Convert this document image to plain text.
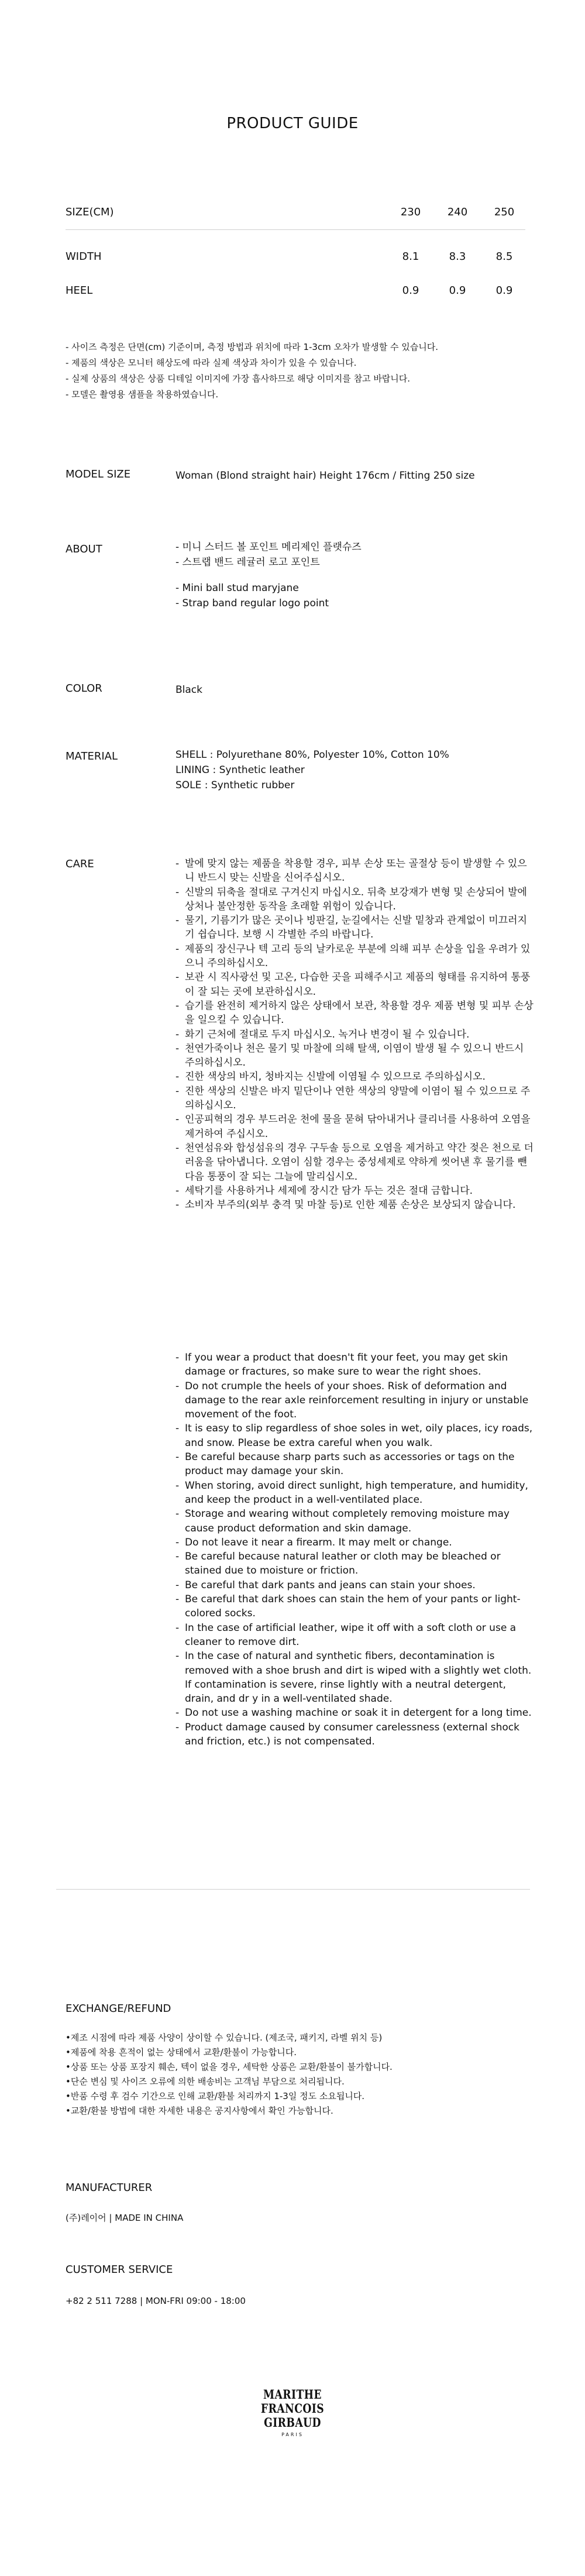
PRODUCT GUIDE
SIZE(CM)	230	240	250
WIDTH	8.1	8.3	8.5
HEEL	0.9	0.9	0.9
- 사이즈 측정은 단면(cm) 기준이며, 측정 방법과 위치에 따라 1-3cm 오차가 발생할 수 있습니다.
- 제품의 색상은 모니터 해상도에 따라 실제 색상과 차이가 있을 수 있습니다.
- 실제 상품의 색상은 상품 디테일 이미지에 가장 흡사하므로 해당 이미지를 참고 바랍니다.
- 모델은 촬영용 샘플을 착용하였습니다.
MODEL SIZE	Woman (Blond straight hair) Height 176cm / Fitting 250 size
ABOUT	- 미니 스터드 볼 포인트 메리제인 플랫슈즈
- 스트랩 밴드 레귤러 로고 포인트
- Mini ball stud maryjane
- Strap band regular logo point
COLOR	Black
MATERIAL	SHELL : Polyurethane 80%, Polyester 10%, Cotton 10%
LINING : Synthetic leather
SOLE : Synthetic rubber
CARE
-	발에 맞지 않는 제품을 착용할 경우, 피부 손상 또는 골절상 등이 발생할 수 있으니 반드시 맞는 신발을 신어주십시오.
- 신발의 뒤축을 절대로 구겨신지 마십시오. 뒤축 보강재가 변형 및 손상되어 발에 상처나 불안정한 동작을 초래할 위험이 있습니다.
- 물기, 기름기가 많은 곳이나 빙판길, 눈길에서는 신발 밑창과 관계없이 미끄러지기 쉽습니다. 보행 시 각별한 주의 바랍니다.
- 제품의 장신구나 텍 고리 등의 날카로운 부분에 의해 피부 손상을 입을 우려가 있으니 주의하십시오.
- 보관 시 직사광선 및 고온, 다습한 곳을 피해주시고 제품의 형태를 유지하여 통풍이 잘 되는 곳에 보관하십시오.
- 습기를 완전히 제거하지 않은 상태에서 보관, 착용할 경우 제품 변형 및 피부 손상을 일으킬 수 있습니다.
- 화기 근처에 절대로 두지 마십시오. 녹거나 변경이 될 수 있습니다.
- 천연가죽이나 천은 물기 및 마찰에 의해 탈색, 이염이 발생 될 수 있으니 반드시 주의하십시오.
- 진한 색상의 바지, 청바지는 신발에 이염될 수 있으므로 주의하십시오.
- 진한 색상의 신발은 바지 밑단이나 연한 색상의 양말에 이염이 될 수 있으므로 주의하십시오.
- 인공피혁의 경우 부드러운 천에 물을 묻혀 닦아내거나 클리너를 사용하여 오염을 제거하여 주십시오.
- 천연섬유와 합성섬유의 경우 구두솔 등으로 오염을 제거하고 약간 젖은 천으로 더러움을 닦아냅니다. 오염이 심할 경우는 중성세제로 약하게 씻어낸 후 물기를 뺀 다음 통풍이 잘 되는 그늘에 말리십시오.
- 세탁기를 사용하거나 세제에 장시간 담가 두는 것은 절대 금합니다.
- 소비자 부주의(외부 충격 및 마찰 등)로 인한 제품 손상은 보상되지 않습니다.
- If you wear a product that doesn't fit your feet, you may get skin damage or fractures, so make sure to wear the right shoes.
- Do not crumple the heels of your shoes. Risk of deformation and damage to the rear axle reinforcement resulting in injury or unstable movement of the foot.
- It is easy to slip regardless of shoe soles in wet, oily places, icy roads, and snow. Please be extra careful when you walk.
- Be careful because sharp parts such as accessories or tags on the product may damage your skin.
- When storing, avoid direct sunlight, high temperature, and humidity, and keep the product in a well-ventilated place.
- Storage and wearing without completely removing moisture may cause product deformation and skin damage.
- Do not leave it near a firearm. It may melt or change.
- Be careful because natural leather or cloth may be bleached or stained due to moisture or friction.
- Be careful that dark pants and jeans can stain your shoes.
- Be careful that dark shoes can stain the hem of your pants or light-colored socks.
- In the case of artificial leather, wipe it off with a soft cloth or use a cleaner to remove dirt.
- In the case of natural and synthetic fibers, decontamination is removed with a shoe brush and dirt is wiped with a slightly wet cloth. If contamination is severe, rinse lightly with a neutral detergent, drain, and dr y in a well-ventilated shade.
- Do not use a washing machine or soak it in detergent for a long time.
- Product damage caused by consumer carelessness (external shock and friction, etc.) is not compensated.
EXCHANGE/REFUND
•제조 시점에 따라 제품 사양이 상이할 수 있습니다. (제조국, 패키지, 라벨 위치 등)
•제품에 착용 흔적이 없는 상태에서 교환/환불이 가능합니다.
•상품 또는 상품 포장지 훼손, 텍이 없을 경우, 세탁한 상품은 교환/환불이 불가합니다.
•단순 변심 및 사이즈 오류에 의한 배송비는 고객님 부담으로 처리됩니다.
•반품 수령 후 검수 기간으로 인해 교환/환불 처리까지 1-3일 정도 소요됩니다.
•교환/환불 방법에 대한 자세한 내용은 공지사항에서 확인 가능합니다.
MANUFACTURER
(주)레이어 | MADE IN CHINA
CUSTOMER SERVICE
+82 2 511 7288 | MON-FRI 09:00 - 18:00
MARITHE
FRANCOIS
GIRBAUD
PARIS
